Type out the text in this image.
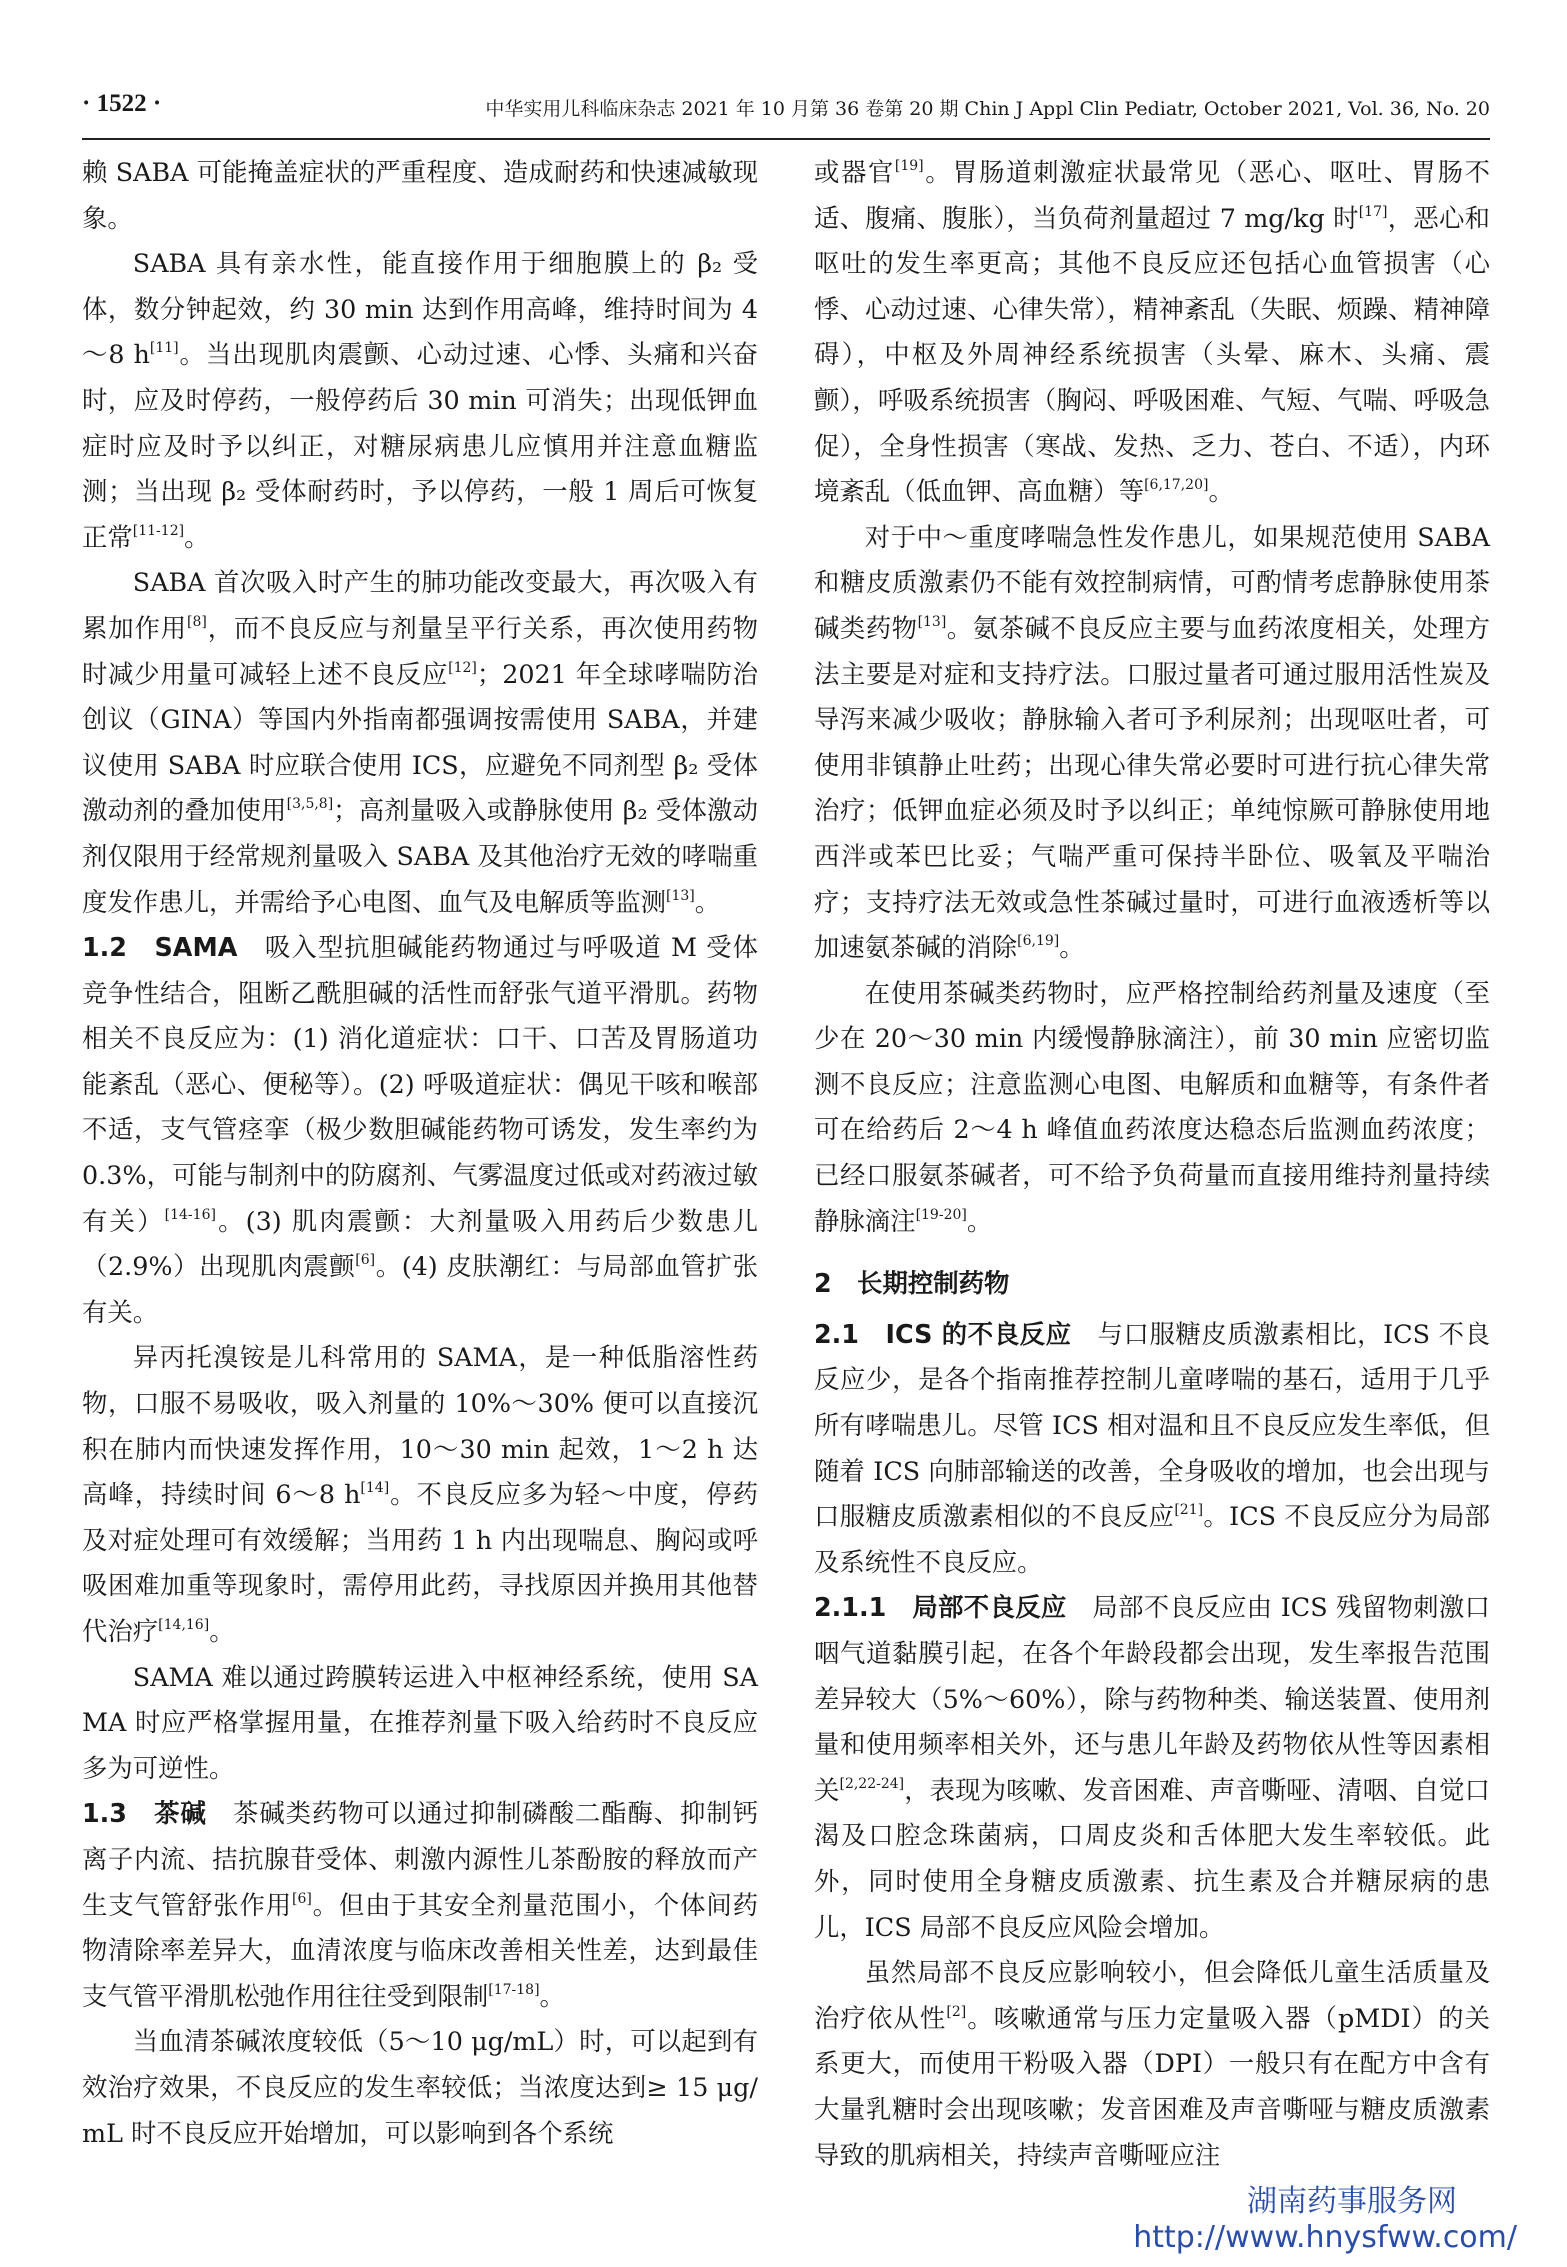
· 1522 ·	中华实用儿科临床杂志 2021 年 10 月第 36 卷第 20 期 Chin J Appl Clin Pediatr, October 2021, Vol. 36, No. 20

赖 SABA 可能掩盖症状的严重程度、造成耐药和快速减敏现象。

SABA 具有亲水性，能直接作用于细胞膜上的 β₂ 受体，数分钟起效，约 30 min 达到作用高峰，维持时间为 4～8 h[11]。当出现肌肉震颤、心动过速、心悸、头痛和兴奋时，应及时停药，一般停药后 30 min 可消失；出现低钾血症时应及时予以纠正，对糖尿病患儿应慎用并注意血糖监测；当出现 β₂ 受体耐药时，予以停药，一般 1 周后可恢复正常[11-12]。

SABA 首次吸入时产生的肺功能改变最大，再次吸入有累加作用[8]，而不良反应与剂量呈平行关系，再次使用药物时减少用量可减轻上述不良反应[12]；2021 年全球哮喘防治创议（GINA）等国内外指南都强调按需使用 SABA，并建议使用 SABA 时应联合使用 ICS，应避免不同剂型 β₂ 受体激动剂的叠加使用[3,5,8]；高剂量吸入或静脉使用 β₂ 受体激动剂仅限用于经常规剂量吸入 SABA 及其他治疗无效的哮喘重度发作患儿，并需给予心电图、血气及电解质等监测[13]。

1.2　SAMA　吸入型抗胆碱能药物通过与呼吸道 M 受体竞争性结合，阻断乙酰胆碱的活性而舒张气道平滑肌。药物相关不良反应为：(1) 消化道症状：口干、口苦及胃肠道功能紊乱（恶心、便秘等）。(2) 呼吸道症状：偶见干咳和喉部不适，支气管痉挛（极少数胆碱能药物可诱发，发生率约为 0.3%，可能与制剂中的防腐剂、气雾温度过低或对药液过敏有关）[14-16]。(3) 肌肉震颤：大剂量吸入用药后少数患儿（2.9%）出现肌肉震颤[6]。(4) 皮肤潮红：与局部血管扩张有关。

异丙托溴铵是儿科常用的 SAMA，是一种低脂溶性药物，口服不易吸收，吸入剂量的 10%～30% 便可以直接沉积在肺内而快速发挥作用，10～30 min 起效，1～2 h 达高峰，持续时间 6～8 h[14]。不良反应多为轻～中度，停药及对症处理可有效缓解；当用药 1 h 内出现喘息、胸闷或呼吸困难加重等现象时，需停用此药，寻找原因并换用其他替代治疗[14,16]。

SAMA 难以通过跨膜转运进入中枢神经系统，使用 SAMA 时应严格掌握用量，在推荐剂量下吸入给药时不良反应多为可逆性。

1.3　茶碱　茶碱类药物可以通过抑制磷酸二酯酶、抑制钙离子内流、拮抗腺苷受体、刺激内源性儿茶酚胺的释放而产生支气管舒张作用[6]。但由于其安全剂量范围小，个体间药物清除率差异大，血清浓度与临床改善相关性差，达到最佳支气管平滑肌松弛作用往往受到限制[17-18]。

当血清茶碱浓度较低（5～10 μg/mL）时，可以起到有效治疗效果，不良反应的发生率较低；当浓度达到≥ 15 μg/mL 时不良反应开始增加，可以影响到各个系统

或器官[19]。胃肠道刺激症状最常见（恶心、呕吐、胃肠不适、腹痛、腹胀），当负荷剂量超过 7 mg/kg 时[17]，恶心和呕吐的发生率更高；其他不良反应还包括心血管损害（心悸、心动过速、心律失常），精神紊乱（失眠、烦躁、精神障碍），中枢及外周神经系统损害（头晕、麻木、头痛、震颤），呼吸系统损害（胸闷、呼吸困难、气短、气喘、呼吸急促），全身性损害（寒战、发热、乏力、苍白、不适），内环境紊乱（低血钾、高血糖）等[6,17,20]。

对于中～重度哮喘急性发作患儿，如果规范使用 SABA 和糖皮质激素仍不能有效控制病情，可酌情考虑静脉使用茶碱类药物[13]。氨茶碱不良反应主要与血药浓度相关，处理方法主要是对症和支持疗法。口服过量者可通过服用活性炭及导泻来减少吸收；静脉输入者可予利尿剂；出现呕吐者，可使用非镇静止吐药；出现心律失常必要时可进行抗心律失常治疗；低钾血症必须及时予以纠正；单纯惊厥可静脉使用地西泮或苯巴比妥；气喘严重可保持半卧位、吸氧及平喘治疗；支持疗法无效或急性茶碱过量时，可进行血液透析等以加速氨茶碱的消除[6,19]。

在使用茶碱类药物时，应严格控制给药剂量及速度（至少在 20～30 min 内缓慢静脉滴注），前 30 min 应密切监测不良反应；注意监测心电图、电解质和血糖等，有条件者可在给药后 2～4 h 峰值血药浓度达稳态后监测血药浓度；已经口服氨茶碱者，可不给予负荷量而直接用维持剂量持续静脉滴注[19-20]。

2　长期控制药物

2.1　ICS 的不良反应　与口服糖皮质激素相比，ICS 不良反应少，是各个指南推荐控制儿童哮喘的基石，适用于几乎所有哮喘患儿。尽管 ICS 相对温和且不良反应发生率低，但随着 ICS 向肺部输送的改善，全身吸收的增加，也会出现与口服糖皮质激素相似的不良反应[21]。ICS 不良反应分为局部及系统性不良反应。

2.1.1　局部不良反应　局部不良反应由 ICS 残留物刺激口咽气道黏膜引起，在各个年龄段都会出现，发生率报告范围差异较大（5%～60%），除与药物种类、输送装置、使用剂量和使用频率相关外，还与患儿年龄及药物依从性等因素相关[2,22-24]，表现为咳嗽、发音困难、声音嘶哑、清咽、自觉口渴及口腔念珠菌病，口周皮炎和舌体肥大发生率较低。此外，同时使用全身糖皮质激素、抗生素及合并糖尿病的患儿，ICS 局部不良反应风险会增加。

虽然局部不良反应影响较小，但会降低儿童生活质量及治疗依从性[2]。咳嗽通常与压力定量吸入器（pMDI）的关系更大，而使用干粉吸入器（DPI）一般只有在配方中含有大量乳糖时会出现咳嗽；发音困难及声音嘶哑与糖皮质激素导致的肌病相关，持续声音嘶哑应注

湖南药事服务网
http://www.hnysfww.com/
